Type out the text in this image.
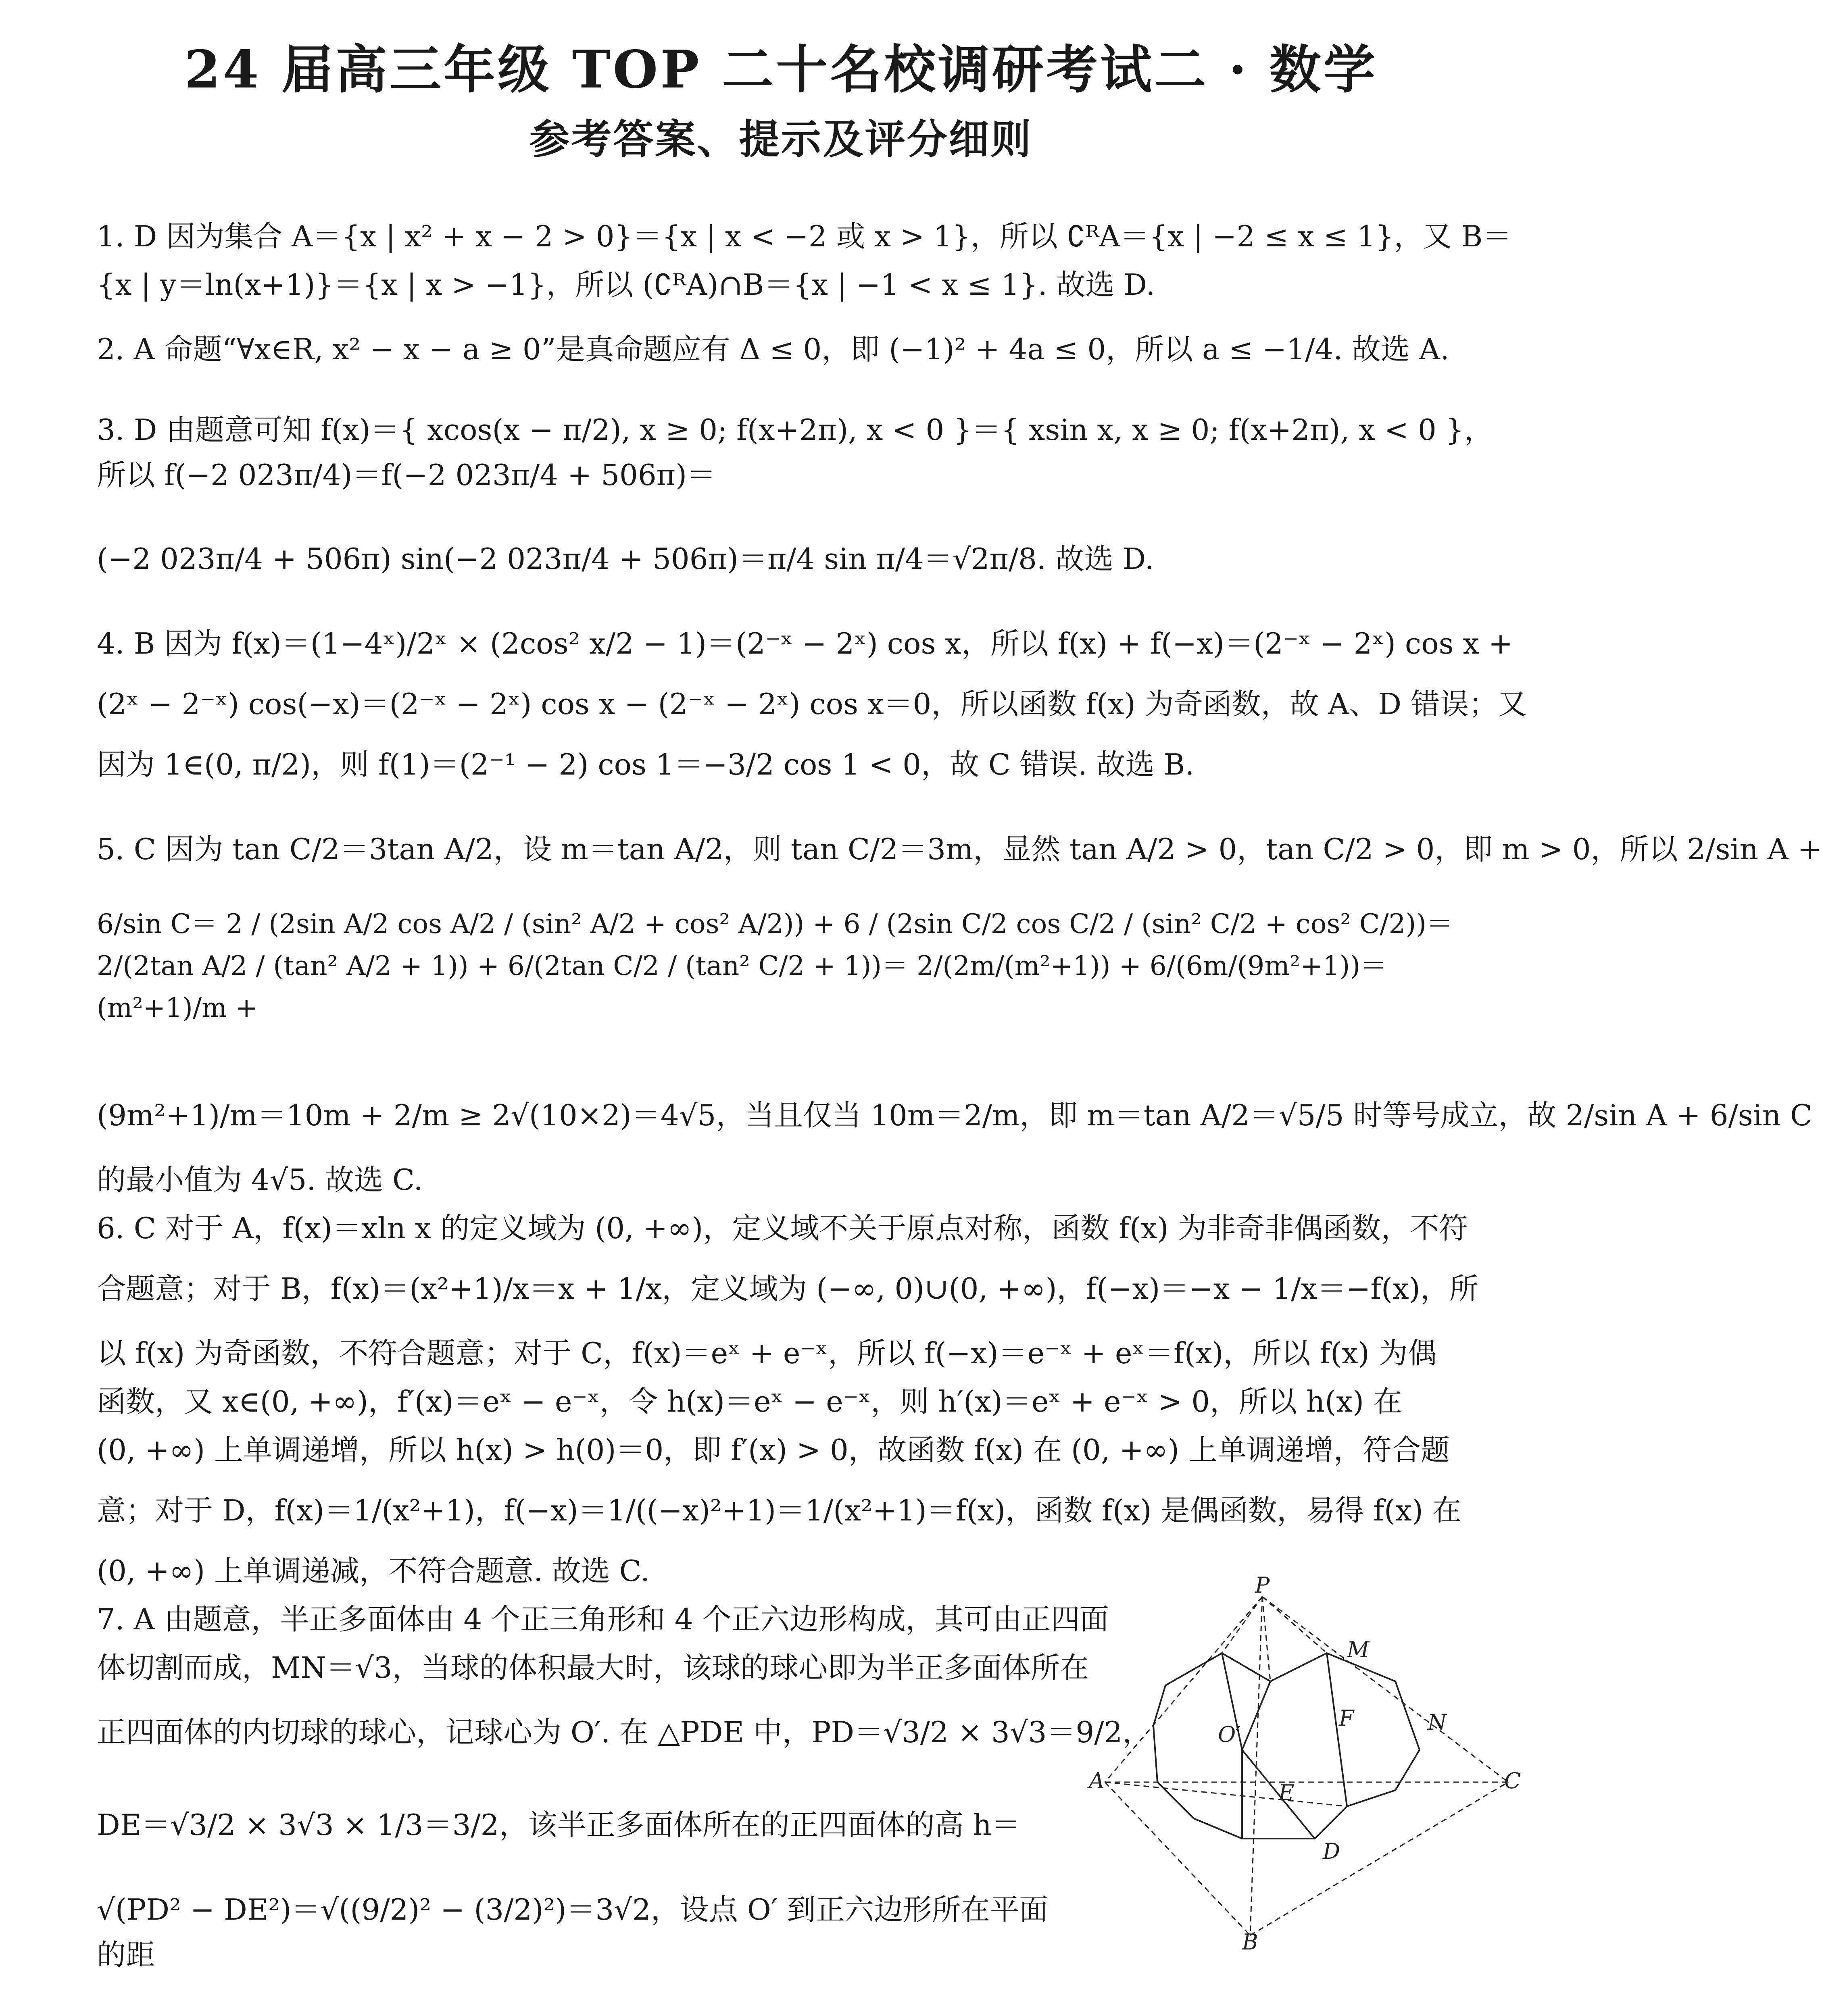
24 届高三年级 TOP 二十名校调研考试二 · 数学
参考答案、提示及评分细则
1. D 因为集合 A＝{x | x² + x − 2 > 0}＝{x | x < −2 或 x > 1}，所以 ∁ᴿA＝{x | −2 ≤ x ≤ 1}，又 B＝
{x | y＝ln(x+1)}＝{x | x > −1}，所以 (∁ᴿA)∩B＝{x | −1 < x ≤ 1}. 故选 D.
2. A 命题“∀x∈R, x² − x − a ≥ 0”是真命题应有 Δ ≤ 0，即 (−1)² + 4a ≤ 0，所以 a ≤ −1/4. 故选 A.
3. D 由题意可知 f(x)＝{ xcos(x − π/2), x ≥ 0; f(x+2π), x < 0 }＝{ xsin x, x ≥ 0; f(x+2π), x < 0 }，所以 f(−2 023π/4)＝f(−2 023π/4 + 506π)＝
(−2 023π/4 + 506π) sin(−2 023π/4 + 506π)＝π/4 sin π/4＝√2π/8. 故选 D.
4. B 因为 f(x)＝(1−4ˣ)/2ˣ × (2cos² x/2 − 1)＝(2⁻ˣ − 2ˣ) cos x，所以 f(x) + f(−x)＝(2⁻ˣ − 2ˣ) cos x +
(2ˣ − 2⁻ˣ) cos(−x)＝(2⁻ˣ − 2ˣ) cos x − (2⁻ˣ − 2ˣ) cos x＝0，所以函数 f(x) 为奇函数，故 A、D 错误；又
因为 1∈(0, π/2)，则 f(1)＝(2⁻¹ − 2) cos 1＝−3/2 cos 1 < 0，故 C 错误. 故选 B.
5. C 因为 tan C/2＝3tan A/2，设 m＝tan A/2，则 tan C/2＝3m，显然 tan A/2 > 0，tan C/2 > 0，即 m > 0，所以 2/sin A +
6/sin C＝ 2 / (2sin A/2 cos A/2 / (sin² A/2 + cos² A/2)) + 6 / (2sin C/2 cos C/2 / (sin² C/2 + cos² C/2))＝ 2/(2tan A/2 / (tan² A/2 + 1)) + 6/(2tan C/2 / (tan² C/2 + 1))＝ 2/(2m/(m²+1)) + 6/(6m/(9m²+1))＝(m²+1)/m +
(9m²+1)/m＝10m + 2/m ≥ 2√(10×2)＝4√5，当且仅当 10m＝2/m，即 m＝tan A/2＝√5/5 时等号成立，故 2/sin A + 6/sin C
的最小值为 4√5. 故选 C.
6. C 对于 A，f(x)＝xln x 的定义域为 (0, +∞)，定义域不关于原点对称，函数 f(x) 为非奇非偶函数，不符
合题意；对于 B，f(x)＝(x²+1)/x＝x + 1/x，定义域为 (−∞, 0)∪(0, +∞)，f(−x)＝−x − 1/x＝−f(x)，所
以 f(x) 为奇函数，不符合题意；对于 C，f(x)＝eˣ + e⁻ˣ，所以 f(−x)＝e⁻ˣ + eˣ＝f(x)，所以 f(x) 为偶
函数，又 x∈(0, +∞)，f′(x)＝eˣ − e⁻ˣ，令 h(x)＝eˣ − e⁻ˣ，则 h′(x)＝eˣ + e⁻ˣ > 0，所以 h(x) 在
(0, +∞) 上单调递增，所以 h(x) > h(0)＝0，即 f′(x) > 0，故函数 f(x) 在 (0, +∞) 上单调递增，符合题
意；对于 D，f(x)＝1/(x²+1)，f(−x)＝1/((−x)²+1)＝1/(x²+1)＝f(x)，函数 f(x) 是偶函数，易得 f(x) 在
(0, +∞) 上单调递减，不符合题意. 故选 C.
7. A 由题意，半正多面体由 4 个正三角形和 4 个正六边形构成，其可由正四面
体切割而成，MN＝√3，当球的体积最大时，该球的球心即为半正多面体所在
正四面体的内切球的球心，记球心为 O′. 在 △PDE 中，PD＝√3/2 × 3√3＝9/2，
DE＝√3/2 × 3√3 × 1/3＝3/2，该半正多面体所在的正四面体的高 h＝
√(PD² − DE²)＝√((9/2)² − (3/2)²)＝3√2，设点 O′ 到正六边形所在平面的距
P
M
F	N
O′
A	C
E
D
B
